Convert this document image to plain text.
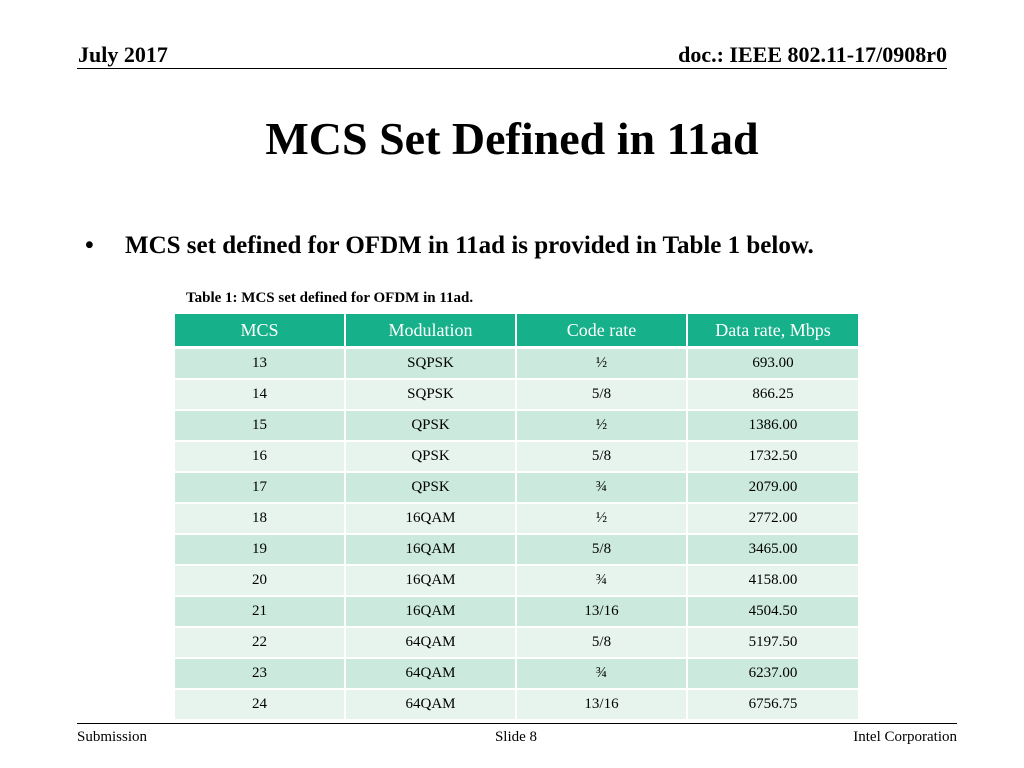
July 2017	doc.: IEEE 802.11-17/0908r0
MCS Set Defined in 11ad
• MCS set defined for OFDM in 11ad is provided in Table 1 below.
Table 1: MCS set defined for OFDM in 11ad.
MCS	Modulation	Code rate	Data rate, Mbps
13	SQPSK	½	693.00
14	SQPSK	5/8	866.25
15	QPSK	½	1386.00
16	QPSK	5/8	1732.50
17	QPSK	¾	2079.00
18	16QAM	½	2772.00
19	16QAM	5/8	3465.00
20	16QAM	¾	4158.00
21	16QAM	13/16	4504.50
22	64QAM	5/8	5197.50
23	64QAM	¾	6237.00
24	64QAM	13/16	6756.75
Submission	Slide 8	Intel Corporation
